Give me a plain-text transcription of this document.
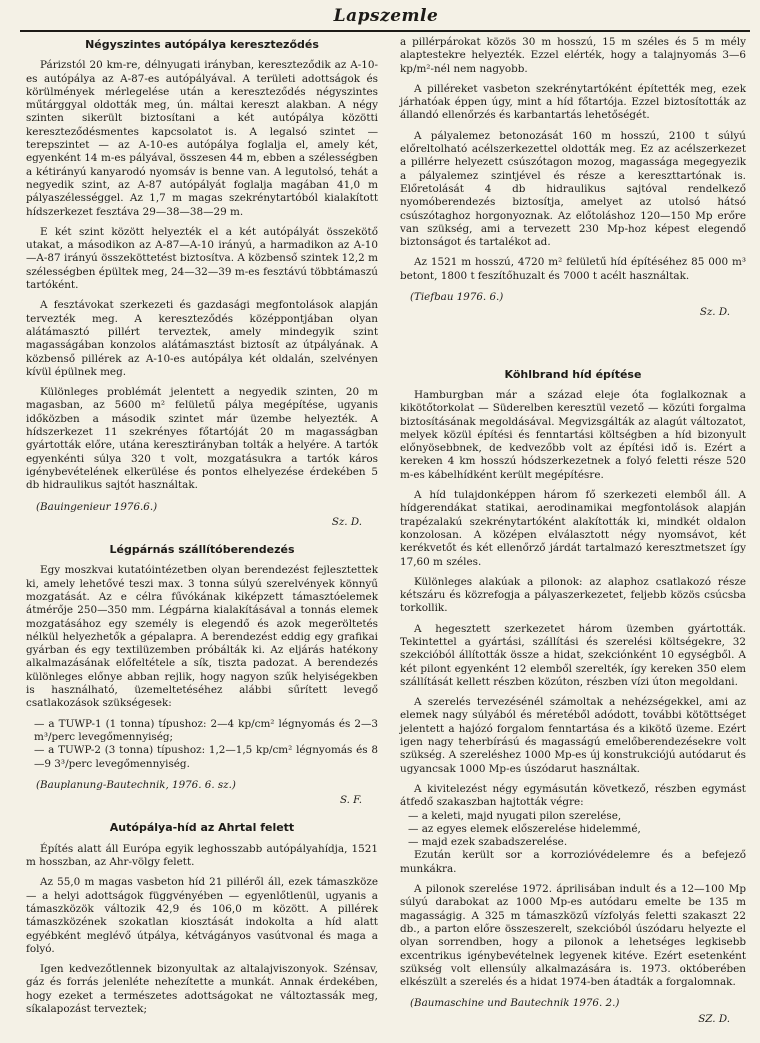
Lapszemle
Négyszintes autópálya kereszteződés

Párizstól 20 km-re, délnyugati irányban, kereszteződik az A-10-es autópálya az A-87-es autópályával. A területi adottságok és körülmények mérlegelése után a kereszteződés négyszintes műtárggyal oldották meg, ún. máltai kereszt alakban. A négy szinten sikerült biztosítani a két autópálya közötti kereszteződésmentes kapcsolatot is. A legalsó szintet — terepszintet — az A-10-es autópálya foglalja el, amely két, egyenként 14 m-es pályával, összesen 44 m, ebben a szélességben a kétirányú kanyarodó nyomsáv is benne van. A legutolsó, tehát a negyedik szint, az A-87 autópályát foglalja magában 41,0 m pályaszélességgel. Az 1,7 m magas szekrénytartóból kialakított hídszerkezet fesztáva 29—38—38—29 m.

E két szint között helyezték el a két autópályát összekötő utakat, a másodikon az A-87—A-10 irányú, a harmadikon az A-10—A-87 irányú összeköttetést biztosítva. A közbenső szintek 12,2 m szélességben épültek meg, 24—32—39 m-es fesztávú többtámaszú tartóként.

A fesztávokat szerkezeti és gazdasági megfontolások alapján tervezték meg. A kereszteződés középpontjában olyan alátámasztó pillért terveztek, amely mindegyik szint magasságában konzolos alátámasztást biztosít az útpályának. A közbenső pillérek az A-10-es autópálya két oldalán, szelvényen kívül épülnek meg.

Különleges problémát jelentett a negyedik szinten, 20 m magasban, az 5600 m² felületű pálya megépítése, ugyanis időközben a második szintet már üzembe helyezték. A hídszerkezet 11 szekrényes főtartóját 20 m magasságban gyártották előre, utána keresztirányban tolták a helyére. A tartók egyenkénti súlya 320 t volt, mozgatásukra a tartók káros igénybevételének elkerülése és pontos elhelyezése érdekében 5 db hidraulikus sajtót használtak.

(Bauingenieur 1976.6.)
Sz. D.
Légpárnás szállítóberendezés

Egy moszkvai kutatóintézetben olyan berendezést fejlesztettek ki, amely lehetővé teszi max. 3 tonna súlyú szerelvények könnyű mozgatását. Az e célra fűvókának kiképzett támasztóelemek átmérője 250—350 mm. Légpárna kialakításával a tonnás elemek mozgatásához egy személy is elegendő és azok megeröltetés nélkül helyezhetők a gépalapra. A berendezést eddig egy grafikai gyárban és egy textilüzemben próbálták ki. Az eljárás hatékony alkalmazásának előfeltétele a sík, tiszta padozat. A berendezés különleges előnye abban rejlik, hogy nagyon szűk helyiségekben is használható, üzemeltetéséhez alábbi sűrített levegő csatlakozások szükségesek:

— a TUWP-1 (1 tonna) típushoz: 2—4 kp/cm² légnyomás és 2—3 m³/perc levegőmennyiség;

— a TUWP-2 (3 tonna) típushoz: 1,2—1,5 kp/cm² légnyomás és 8—9 3³/perc levegőmennyiség.

(Bauplanung-Bautechnik, 1976. 6. sz.)
S. F.
Autópálya-híd az Ahrtal felett

Építés alatt áll Európa egyik leghosszabb autópályahídja, 1521 m hosszban, az Ahr-völgy felett.

Az 55,0 m magas vasbeton híd 21 pilléről áll, ezek támaszköze — a helyi adottságok függvényében — egyenlőtlenül, ugyanis a támaszközök változik 42,9 és 106,0 m között. A pillérek támaszközének szokatlan kiosztását indokolta a híd alatt egyébként meglévő útpálya, kétvágányos vasútvonal és maga a folyó.

Igen kedvezőtlennek bizonyultak az altalajviszonyok. Szénsav, gáz és forrás jelenléte nehezítette a munkát. Annak érdekében, hogy ezeket a természetes adottságokat ne változtassák meg, síkalapozást terveztek;

a pillérpárokat közös 30 m hosszú, 15 m széles és 5 m mély alaptestekre helyezték. Ezzel elérték, hogy a talajnyomás 3—6 kp/m²-nél nem nagyobb.

A pilléreket vasbeton szekrénytartóként építették meg, ezek járhatóak éppen úgy, mint a híd főtartója. Ezzel biztosították az állandó ellenőrzés és karbantartás lehetőségét.

A pályalemez betonozását 160 m hosszú, 2100 t súlyú előreltolható acélszerkezettel oldották meg. Ez az acélszerkezet a pillérre helyezett csúszótagon mozog, magassága megegyezik a pályalemez szintjével és része a kereszttartónak is. Előretolását 4 db hidraulikus sajtóval rendelkező nyomóberendezés biztosítja, amelyet az utolsó hátsó csúszótaghoz horgonyoznak. Az előtoláshoz 120—150 Mp erőre van szükség, ami a tervezett 230 Mp-hoz képest elegendő biztonságot és tartalékot ad.

Az 1521 m hosszú, 4720 m² felületű híd építéséhez 85 000 m³ betont, 1800 t feszítőhuzalt és 7000 t acélt használtak.

(Tiefbau 1976. 6.)
Sz. D.
Köhlbrand híd építése

Hamburgban már a század eleje óta foglalkoznak a kikötőtorkolat — Süderelben keresztül vezető — közúti forgalma biztosításának megoldásával. Megvizsgálták az alagút változatot, melyek közül építési és fenntartási költségben a híd bizonyult előnyösebbnek, de kedvezőbb volt az építési idő is. Ezért a kereken 4 km hosszú hódszerkezetnek a folyó feletti része 520 m-es kábelhídként került megépítésre.

A híd tulajdonképpen három fő szerkezeti elemből áll. A hídgerendákat statikai, aerodinamikai megfontolások alapján trapézalakú szekrénytartóként alakították ki, mindkét oldalon konzolosan. A középen elválasztott négy nyomsávot, két kerékvetőt és két ellenőrző járdát tartalmazó keresztmetszet így 17,60 m széles.

Különleges alakúak a pilonok: az alaphoz csatlakozó része kétszáru és közrefogja a pályaszerkezetet, feljebb közös csúcsba torkollik.

A hegesztett szerkezetet három üzemben gyártották. Tekintettel a gyártási, szállítási és szerelési költségekre, 32 szekcióból állították össze a hidat, szekciónként 10 egységből. A két pilont egyenként 12 elemből szerelték, így kereken 350 elem szállítását kellett részben közúton, részben vízi úton megoldani.

A szerelés tervezésénél számoltak a nehézségekkel, ami az elemek nagy súlyából és méretéből adódott, további kötöttséget jelentett a hajózó forgalom fenntartása és a kikötő üzeme. Ezért igen nagy teherbírású és magasságú emelőberendezésekre volt szükség. A szereléshez 1000 Mp-es új konstrukciójú autódarut és ugyancsak 1000 Mp-es úszódarut használtak.

A kivitelezést négy egymásután következő, részben egymást átfedő szakaszban hajtották végre:

— a keleti, majd nyugati pilon szerelése,

— az egyes elemek előszerelése hidelemmé,

— majd ezek szabadszerelése.

Ezután került sor a korrozióvédelemre és a befejező munkákra.

A pilonok szerelése 1972. áprilisában indult és a 12—100 Mp súlyú darabokat az 1000 Mp-es autódaru emelte be 135 m magasságig. A 325 m támaszközű vízfolyás feletti szakaszt 22 db., a parton előre összeszerelt, szekcióból úszódaru helyezte el olyan sorrendben, hogy a pilonok a lehetséges legkisebb excentrikus igénybevételnek legyenek kitéve. Ezért esetenként szükség volt ellensúly alkalmazására is. 1973. októberében elkészült a szerelés és a hidat 1974-ben átadták a forgalomnak.

(Baumaschine und Bautechnik 1976. 2.)
SZ. D.
